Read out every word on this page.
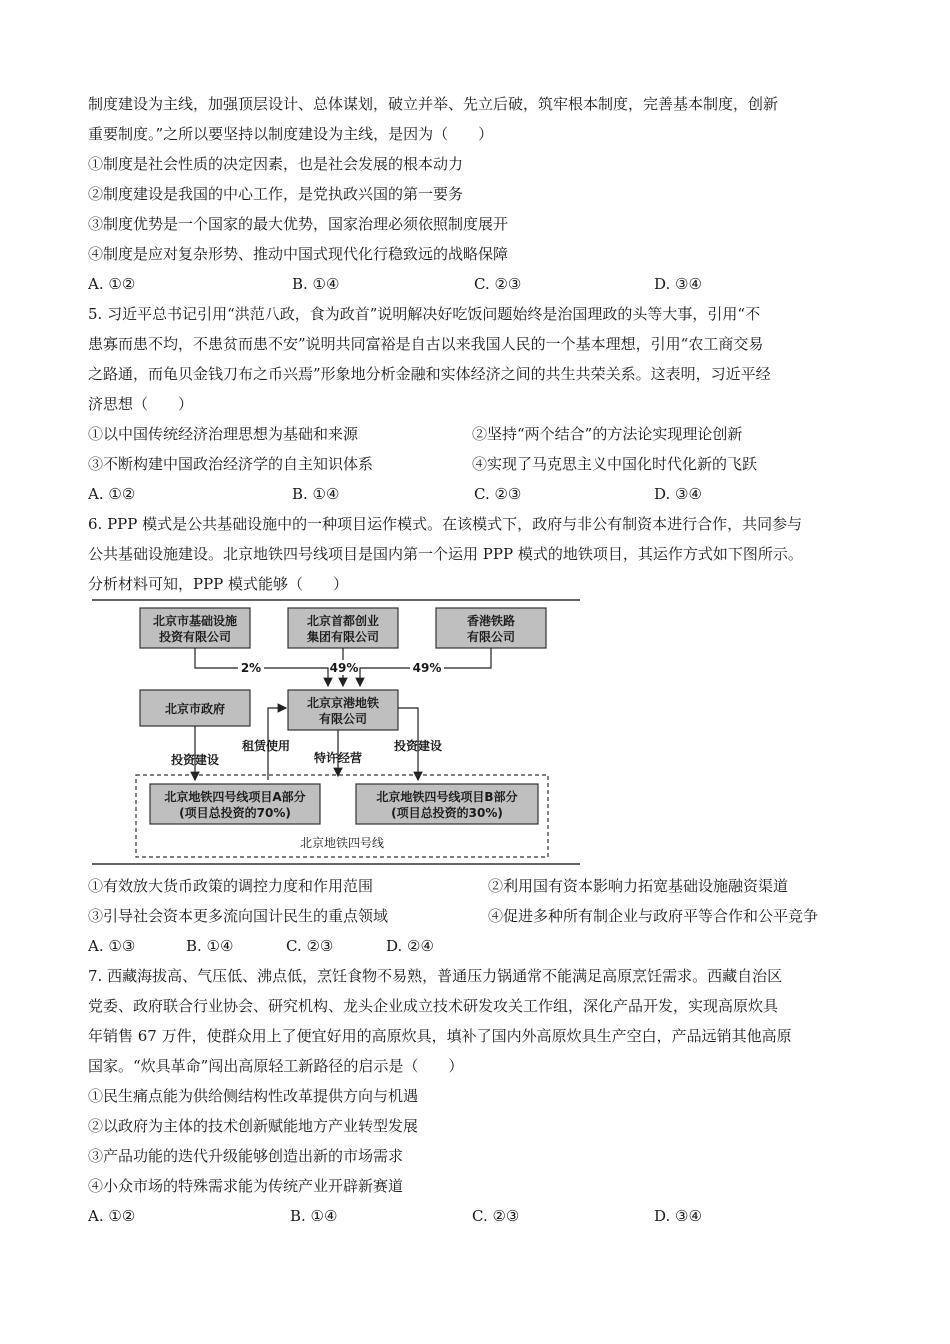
制度建设为主线，加强顶层设计、总体谋划，破立并举、先立后破，筑牢根本制度，完善基本制度，创新
重要制度。”之所以要坚持以制度建设为主线，是因为（　　）
①制度是社会性质的决定因素，也是社会发展的根本动力
②制度建设是我国的中心工作，是党执政兴国的第一要务
③制度优势是一个国家的最大优势，国家治理必须依照制度展开
④制度是应对复杂形势、推动中国式现代化行稳致远的战略保障
A. ①②	B. ①④	C. ②③	D. ③④
5. 习近平总书记引用“洪范八政，食为政首”说明解决好吃饭问题始终是治国理政的头等大事，引用“不
患寡而患不均，不患贫而患不安”说明共同富裕是自古以来我国人民的一个基本理想，引用“农工商交易
之路通，而龟贝金钱刀布之币兴焉”形象地分析金融和实体经济之间的共生共荣关系。这表明，习近平经
济思想（　　）
①以中国传统经济治理思想为基础和来源	②坚持“两个结合”的方法论实现理论创新
③不断构建中国政治经济学的自主知识体系	④实现了马克思主义中国化时代化新的飞跃
A. ①②	B. ①④	C. ②③	D. ③④
6. PPP 模式是公共基础设施中的一种项目运作模式。在该模式下，政府与非公有制资本进行合作，共同参与
公共基础设施建设。北京地铁四号线项目是国内第一个运用 PPP 模式的地铁项目，其运作方式如下图所示。
分析材料可知，PPP 模式能够（　　）
北京市基础设施
投资有限公司
北京首都创业
集团有限公司
香港铁路
有限公司
2%	49%	49%
北京市政府	北京京港地铁
有限公司
投资建设
租赁使用
特许经营
投资建设
北京地铁四号线项目A部分
(项目总投资的70%)
北京地铁四号线项目B部分
(项目总投资的30%)
北京地铁四号线
①有效放大货币政策的调控力度和作用范围	②利用国有资本影响力拓宽基础设施融资渠道
③引导社会资本更多流向国计民生的重点领域	④促进多种所有制企业与政府平等合作和公平竞争
A. ①③	B. ①④	C. ②③	D. ②④
7. 西藏海拔高、气压低、沸点低，烹饪食物不易熟，普通压力锅通常不能满足高原烹饪需求。西藏自治区
党委、政府联合行业协会、研究机构、龙头企业成立技术研发攻关工作组，深化产品开发，实现高原炊具
年销售 67 万件，使群众用上了便宜好用的高原炊具，填补了国内外高原炊具生产空白，产品远销其他高原
国家。“炊具革命”闯出高原轻工新路径的启示是（　　）
①民生痛点能为供给侧结构性改革提供方向与机遇
②以政府为主体的技术创新赋能地方产业转型发展
③产品功能的迭代升级能够创造出新的市场需求
④小众市场的特殊需求能为传统产业开辟新赛道
A. ①②	B. ①④	C. ②③	D. ③④
